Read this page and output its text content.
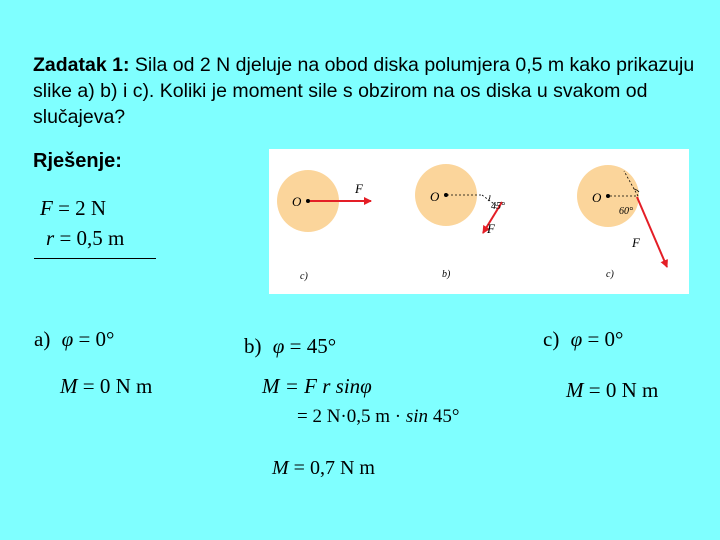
Zadatak 1: Sila od 2 N djeluje na obod diska polumjera 0,5 m kako prikazuju slike a) b) i c). Koliki je moment sile s obzirom na os diska u svakom od slučajeva?
Rješenje:
F = 2 N
r = 0,5 m
O
F
c)
O
45°
F
b)
O
60°
F
c)
a) φ = 0°
M = 0 N m
b) φ = 45°
M = F r sinφ
= 2 N·0,5 m · sin 45°
M = 0,7 N m
c) φ = 0°
M = 0 N m
